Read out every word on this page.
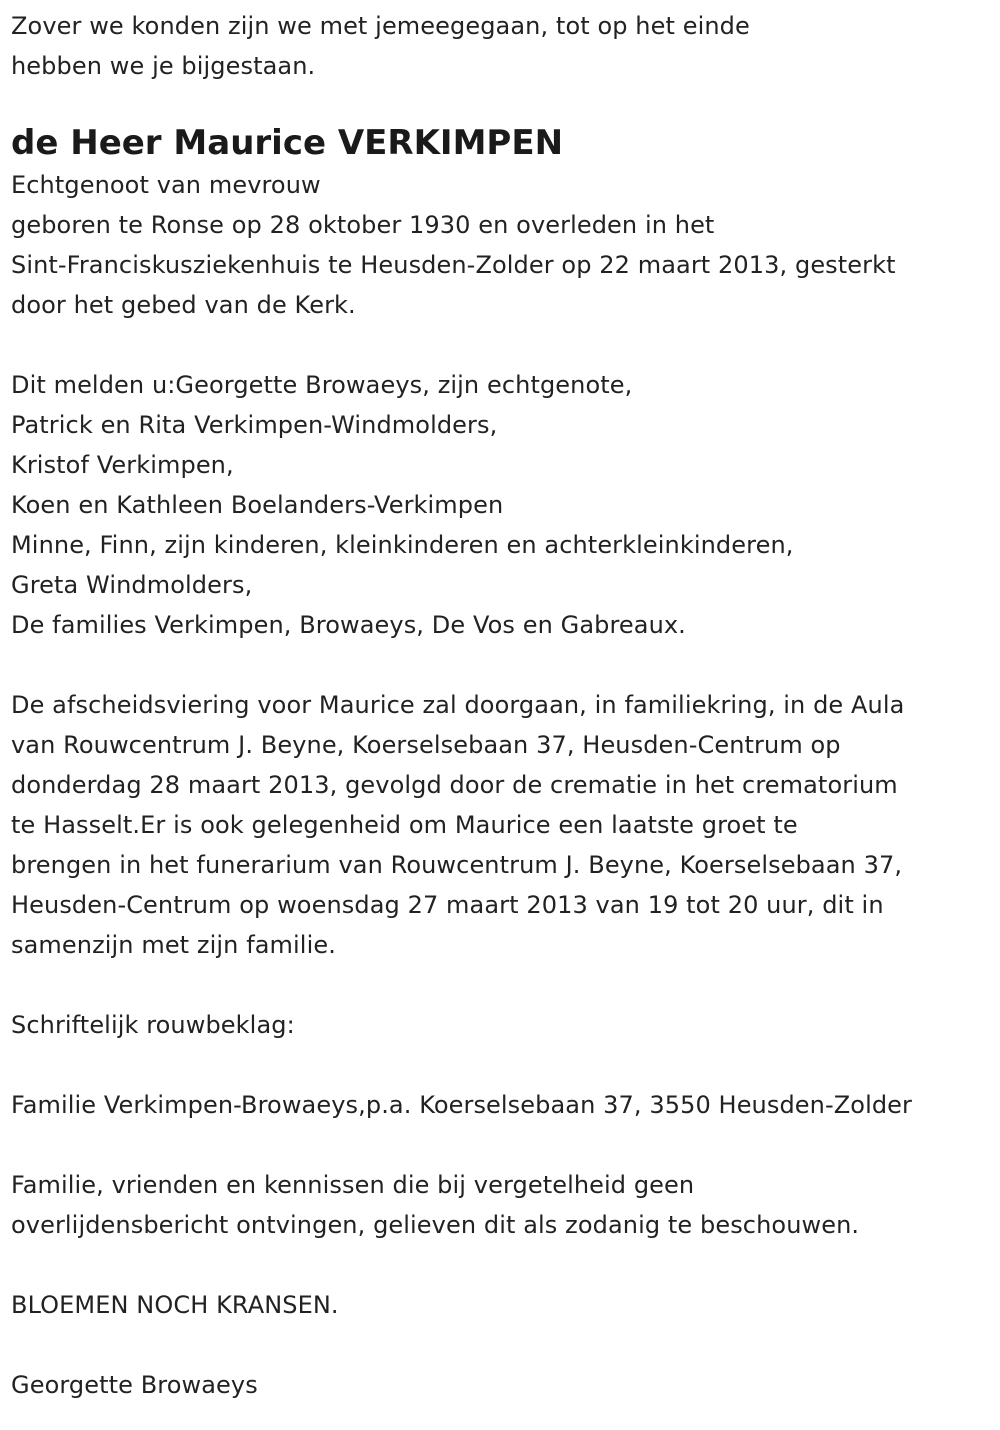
Zover we konden zijn we met jemeegegaan, tot op het einde
hebben we je bijgestaan.
de Heer Maurice VERKIMPEN
Echtgenoot van mevrouw
geboren te Ronse op 28 oktober 1930 en overleden in het
Sint-Franciskusziekenhuis te Heusden-Zolder op 22 maart 2013, gesterkt
door het gebed van de Kerk.
Dit melden u:Georgette Browaeys, zijn echtgenote,
Patrick en Rita Verkimpen-Windmolders,
Kristof Verkimpen,
Koen en Kathleen Boelanders-Verkimpen
Minne, Finn, zijn kinderen, kleinkinderen en achterkleinkinderen,
Greta Windmolders,
De families Verkimpen, Browaeys, De Vos en Gabreaux.
De afscheidsviering voor Maurice zal doorgaan, in familiekring, in de Aula
van Rouwcentrum J. Beyne, Koerselsebaan 37, Heusden-Centrum op
donderdag 28 maart 2013, gevolgd door de crematie in het crematorium
te Hasselt.Er is ook gelegenheid om Maurice een laatste groet te
brengen in het funerarium van Rouwcentrum J. Beyne, Koerselsebaan 37,
Heusden-Centrum op woensdag 27 maart 2013 van 19 tot 20 uur, dit in
samenzijn met zijn familie.
Schriftelijk rouwbeklag:
Familie Verkimpen-Browaeys,p.a. Koerselsebaan 37, 3550 Heusden-Zolder
Familie, vrienden en kennissen die bij vergetelheid geen
overlijdensbericht ontvingen, gelieven dit als zodanig te beschouwen.
BLOEMEN NOCH KRANSEN.
Georgette Browaeys
